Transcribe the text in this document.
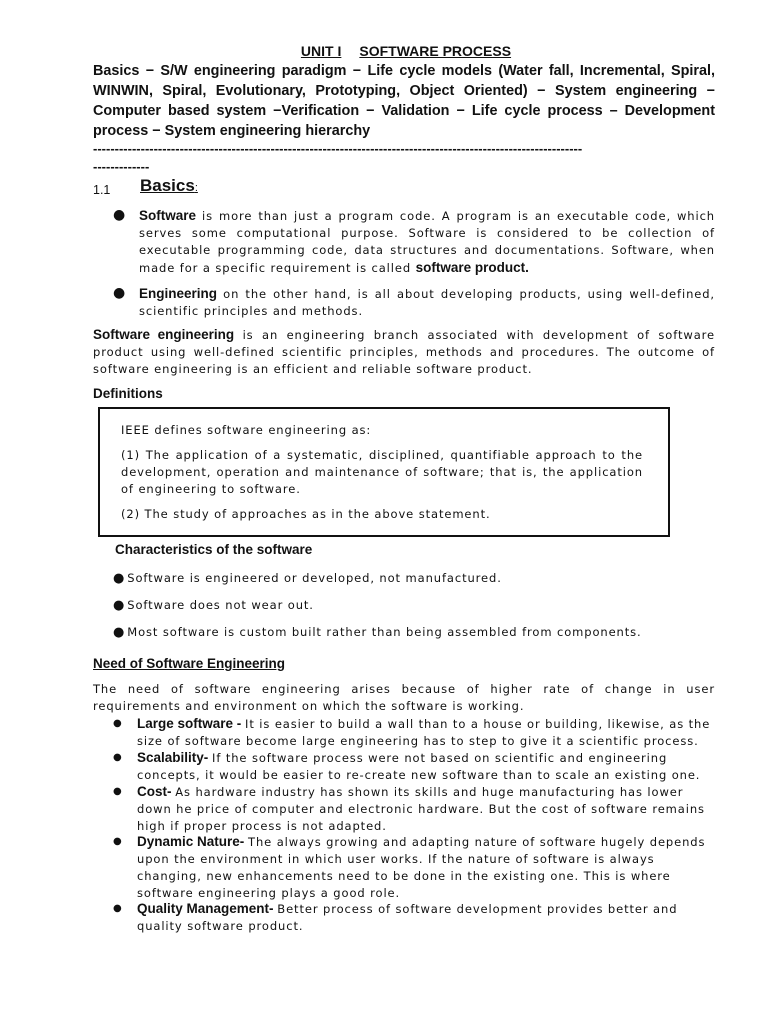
UNIT I SOFTWARE PROCESS
Basics − S/W engineering paradigm − Life cycle models (Water fall, Incremental, Spiral, WINWIN, Spiral, Evolutionary, Prototyping, Object Oriented) − System engineering − Computer based system −Verification − Validation − Life cycle process – Development process − System engineering hierarchy
-----------------------------------------------------------------------------------------------------------------
-------------
1.1 Basics:
● Software is more than just a program code. A program is an executable code, which serves some computational purpose. Software is considered to be collection of executable programming code, data structures and documentations. Software, when made for a specific requirement is called software product.
● Engineering on the other hand, is all about developing products, using well-defined, scientific principles and methods.
Software engineering is an engineering branch associated with development of software product using well-defined scientific principles, methods and procedures. The outcome of software engineering is an efficient and reliable software product.
Definitions

IEEE defines software engineering as:

(1) The application of a systematic, disciplined, quantifiable approach to the development, operation and maintenance of software; that is, the application of engineering to software.

(2) The study of approaches as in the above statement.

Characteristics of the software
● Software is engineered or developed, not manufactured.
● Software does not wear out.
● Most software is custom built rather than being assembled from components.
Need of Software Engineering
The need of software engineering arises because of higher rate of change in user requirements and environment on which the software is working.
● Large software - It is easier to build a wall than to a house or building, likewise, as the size of software become large engineering has to step to give it a scientific process.
● Scalability- If the software process were not based on scientific and engineering concepts, it would be easier to re-create new software than to scale an existing one.
● Cost- As hardware industry has shown its skills and huge manufacturing has lower down he price of computer and electronic hardware. But the cost of software remains high if proper process is not adapted.
● Dynamic Nature- The always growing and adapting nature of software hugely depends upon the environment in which user works. If the nature of software is always changing, new enhancements need to be done in the existing one. This is where software engineering plays a good role.
● Quality Management- Better process of software development provides better and quality software product.
